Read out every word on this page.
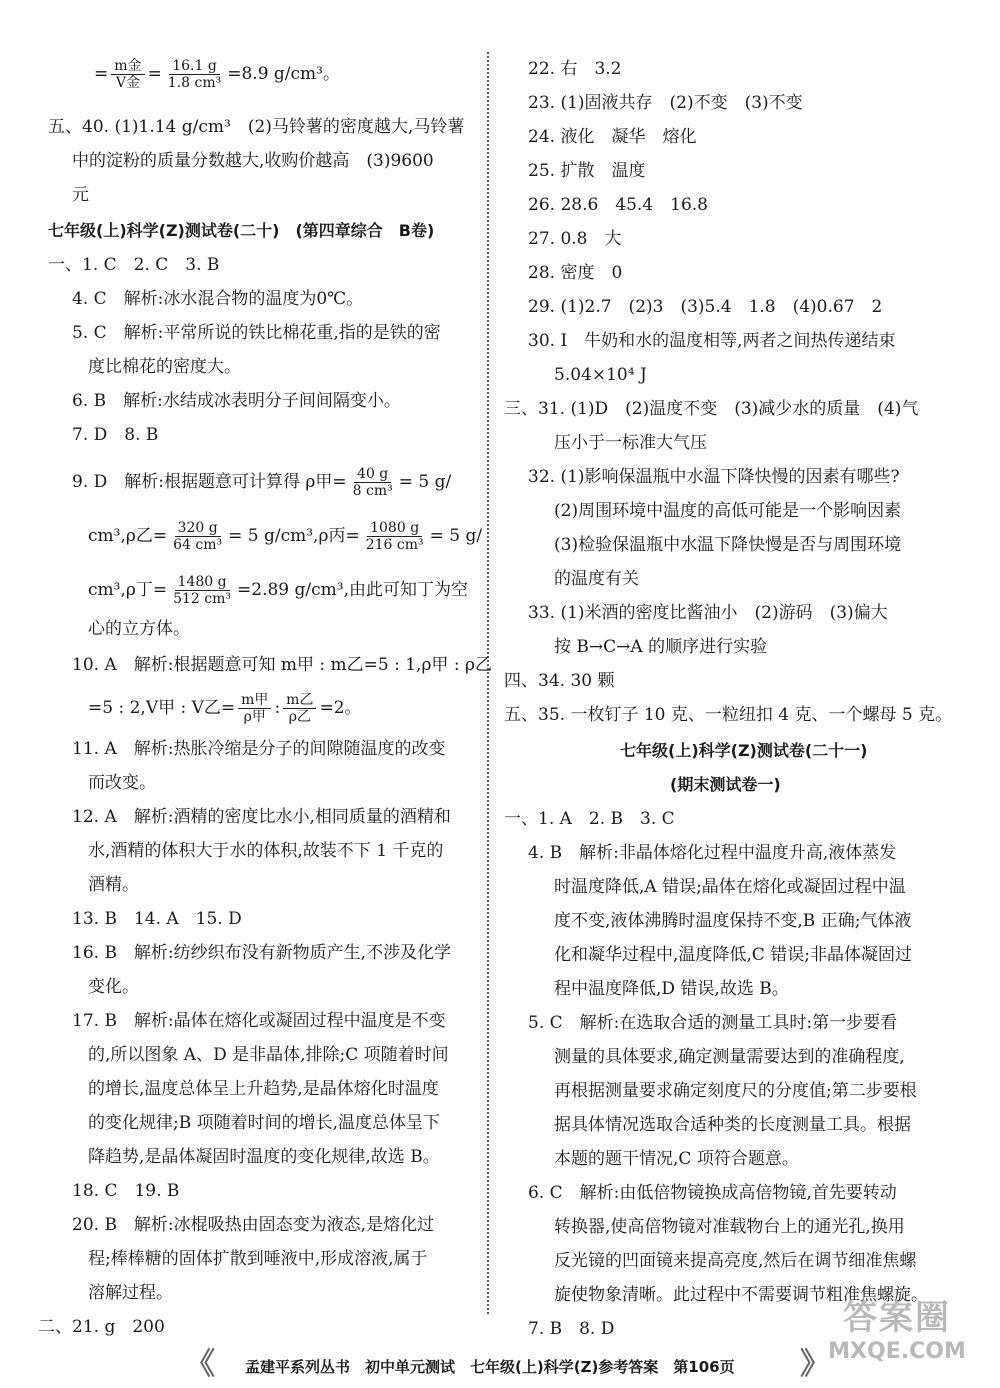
= $\frac{\text{m金}}{\text{V金}} = \frac{16.1 g}{\text{1.8 cm³}} =8.9$ g/cm³。
五、40. (1)1.14 g/cm³　(2)马铃薯的密度越大,马铃薯
中的淀粉的质量分数越大,收购价越高　(3)9600
元
七年级(上)科学(Z)测试卷(二十)　(第四章综合　B卷)
一、1. C　2. C　3. B
4. C　解析:冰水混合物的温度为0℃。
5. C　解析:平常所说的铁比棉花重,指的是铁的密
度比棉花的密度大。
6. B　解析:水结成冰表明分子间间隔变小。
7. D　8. B
9. D　解析:根据题意可计算得 ρ甲= $\frac{40 g}{\text{8 cm³}} = 5$ g/
cm³,ρ乙= $\frac{320 g}{\text{64 cm³}} = 5$ g/cm³,ρ丙= $\frac{1080 g}{\text{216 cm³}} = 5$ g/
cm³,ρ丁= $\frac{1480 g}{\text{512 cm³}} =2.89$ g/cm³,由此可知丁为空
心的立方体。
10. A　解析:根据题意可知 m甲 : m乙=5 : 1,ρ甲 : ρ乙
=5 : 2,V甲 : V乙= $\frac{\text{m甲}}{\text{ρ甲}}$ : $\frac{\text{m乙}}{\text{ρ乙}} =2$。
11. A　解析:热胀冷缩是分子的间隙随温度的改变
而改变。
12. A　解析:酒精的密度比水小,相同质量的酒精和
水,酒精的体积大于水的体积,故装不下 1 千克的
酒精。
13. B　14. A　15. D
16. B　解析:纺纱织布没有新物质产生,不涉及化学
变化。
17. B　解析:晶体在熔化或凝固过程中温度是不变
的,所以图象 A、D 是非晶体,排除;C 项随着时间
的增长,温度总体呈上升趋势,是晶体熔化时温度
的变化规律;B 项随着时间的增长,温度总体呈下
降趋势,是晶体凝固时温度的变化规律,故选 B。
18. C　19. B
20. B　解析:冰棍吸热由固态变为液态,是熔化过
程;棒棒糖的固体扩散到唾液中,形成溶液,属于
溶解过程。
二、21. g　200
22. 右　3.2
23. (1)固液共存　(2)不变　(3)不变
24. 液化　凝华　熔化
25. 扩散　温度
26. 28.6　45.4　16.8
27. 0.8　大
28. 密度　0
29. (1)2.7　(2)3　(3)5.4　1.8　(4)0.67　2
30. Ⅰ　牛奶和水的温度相等,两者之间热传递结束
5.04×10⁴ J
三、31. (1)D　(2)温度不变　(3)减少水的质量　(4)气
压小于一标准大气压
32. (1)影响保温瓶中水温下降快慢的因素有哪些?
(2)周围环境中温度的高低可能是一个影响因素
(3)检验保温瓶中水温下降快慢是否与周围环境
的温度有关
33. (1)米酒的密度比酱油小　(2)游码　(3)偏大
按 B→C→A 的顺序进行实验
四、34. 30 颗
五、35. 一枚钉子 10 克、一粒纽扣 4 克、一个螺母 5 克。
七年级(上)科学(Z)测试卷(二十一)
(期末测试卷一)
一、1. A　2. B　3. C
4. B　解析:非晶体熔化过程中温度升高,液体蒸发
时温度降低,A 错误;晶体在熔化或凝固过程中温
度不变,液体沸腾时温度保持不变,B 正确;气体液
化和凝华过程中,温度降低,C 错误;非晶体凝固过
程中温度降低,D 错误,故选 B。
5. C　解析:在选取合适的测量工具时:第一步要看
测量的具体要求,确定测量需要达到的准确程度,
再根据测量要求确定刻度尺的分度值;第二步要根
据具体情况选取合适种类的长度测量工具。根据
本题的题干情况,C 项符合题意。
6. C　解析:由低倍物镜换成高倍物镜,首先要转动
转换器,使高倍物镜对准载物台上的通光孔,换用
反光镜的凹面镜来提高亮度,然后在调节细准焦螺
旋使物象清晰。此过程中不需要调节粗准焦螺旋。
7. B　8. D
《 孟建平系列丛书　初中单元测试　七年级(上)科学(Z)参考答案　第106页 》
答案圈
MXQE.COM
